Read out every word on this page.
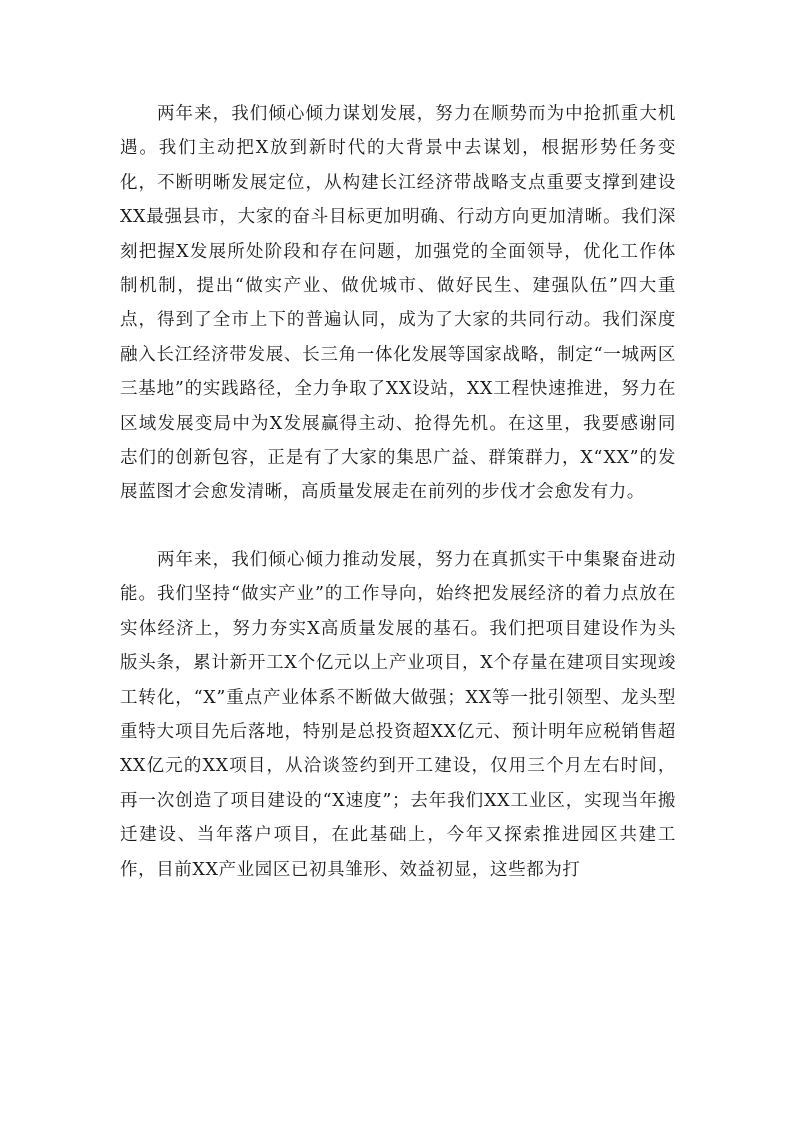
两年来，我们倾心倾力谋划发展，努力在顺势而为中抢抓重大机遇。我们主动把X放到新时代的大背景中去谋划，根据形势任务变化，不断明晰发展定位，从构建长江经济带战略支点重要支撑到建设XX最强县市，大家的奋斗目标更加明确、行动方向更加清晰。我们深刻把握X发展所处阶段和存在问题，加强党的全面领导，优化工作体制机制，提出“做实产业、做优城市、做好民生、建强队伍”四大重点，得到了全市上下的普遍认同，成为了大家的共同行动。我们深度融入长江经济带发展、长三角一体化发展等国家战略，制定“一城两区三基地”的实践路径，全力争取了XX设站，XX工程快速推进，努力在区域发展变局中为X发展赢得主动、抢得先机。在这里，我要感谢同志们的创新包容，正是有了大家的集思广益、群策群力，X“XX”的发展蓝图才会愈发清晰，高质量发展走在前列的步伐才会愈发有力。

两年来，我们倾心倾力推动发展，努力在真抓实干中集聚奋进动能。我们坚持“做实产业”的工作导向，始终把发展经济的着力点放在实体经济上，努力夯实X高质量发展的基石。我们把项目建设作为头版头条，累计新开工X个亿元以上产业项目，X个存量在建项目实现竣工转化，“X”重点产业体系不断做大做强；XX等一批引领型、龙头型重特大项目先后落地，特别是总投资超XX亿元、预计明年应税销售超XX亿元的XX项目，从洽谈签约到开工建设，仅用三个月左右时间，再一次创造了项目建设的“X速度”；去年我们XX工业区，实现当年搬迁建设、当年落户项目，在此基础上，今年又探索推进园区共建工作，目前XX产业园区已初具雏形、效益初显，这些都为打
